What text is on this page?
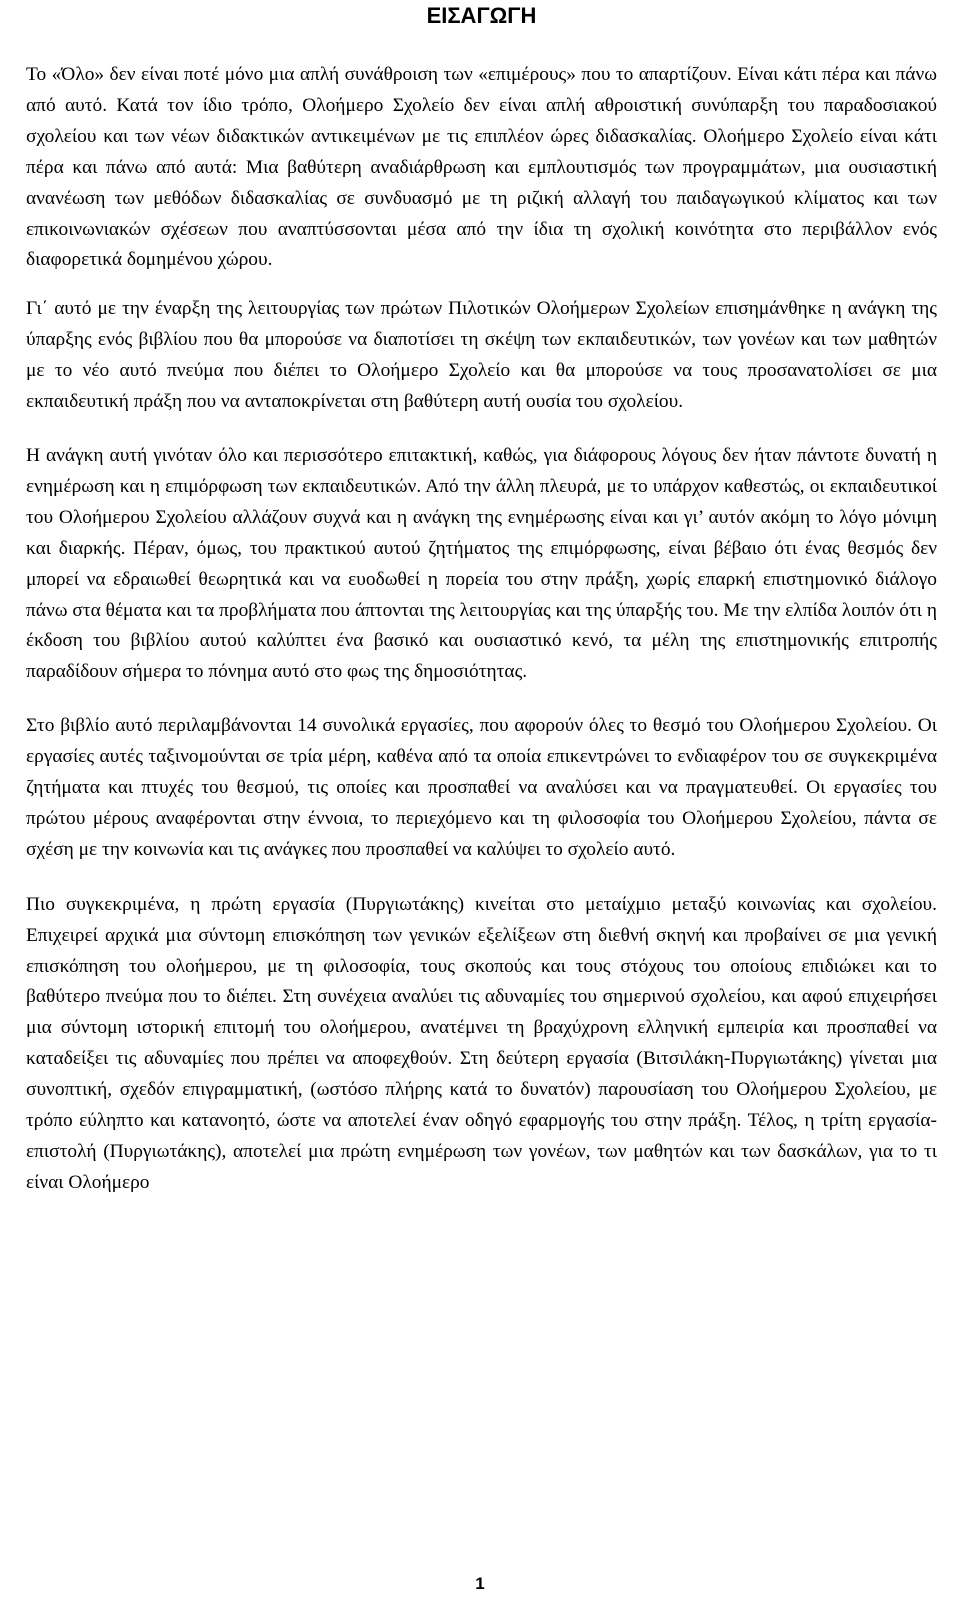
ΕΙΣΑΓΩΓΗ

Το «Όλο» δεν είναι ποτέ μόνο μια απλή συνάθροιση των «επιμέρους» που το απαρτίζουν. Είναι κάτι πέρα και πάνω από αυτό. Κατά τον ίδιο τρόπο, Ολοήμερο Σχολείο δεν είναι απλή αθροιστική συνύπαρξη του παραδοσιακού σχολείου και των νέων διδακτικών αντικειμένων με τις επιπλέον ώρες διδασκαλίας. Ολοήμερο Σχολείο είναι κάτι πέρα και πάνω από αυτά: Μια βαθύτερη αναδιάρθρωση και εμπλουτισμός των προγραμμάτων, μια ουσιαστική ανανέωση των μεθόδων διδασκαλίας σε συνδυασμό με τη ριζική αλλαγή του παιδαγωγικού κλίματος και των επικοινωνιακών σχέσεων που αναπτύσσονται μέσα από την ίδια τη σχολική κοινότητα στο περιβάλλον ενός διαφορετικά δομημένου χώρου.

Γι΄ αυτό με την έναρξη της λειτουργίας των πρώτων Πιλοτικών Ολοήμερων Σχολείων επισημάνθηκε η ανάγκη της ύπαρξης ενός βιβλίου που θα μπορούσε να διαποτίσει τη σκέψη των εκπαιδευτικών, των γονέων και των μαθητών με το νέο αυτό πνεύμα που διέπει το Ολοήμερο Σχολείο και θα μπορούσε να τους προσανατολίσει σε μια εκπαιδευτική πράξη που να ανταποκρίνεται στη βαθύτερη αυτή ουσία του σχολείου.

Η ανάγκη αυτή γινόταν όλο και περισσότερο επιτακτική, καθώς, για διάφορους λόγους δεν ήταν πάντοτε δυνατή η ενημέρωση και η επιμόρφωση των εκπαιδευτικών. Από την άλλη πλευρά, με το υπάρχον καθεστώς, οι εκπαιδευτικοί του Ολοήμερου Σχολείου αλλάζουν συχνά και η ανάγκη της ενημέρωσης είναι και γι’ αυτόν ακόμη το λόγο μόνιμη και διαρκής. Πέραν, όμως, του πρακτικού αυτού ζητήματος της επιμόρφωσης, είναι βέβαιο ότι ένας θεσμός δεν μπορεί να εδραιωθεί θεωρητικά και να ευοδωθεί η πορεία του στην πράξη, χωρίς επαρκή επιστημονικό διάλογο πάνω στα θέματα και τα προβλήματα που άπτονται της λειτουργίας και της ύπαρξής του. Με την ελπίδα λοιπόν ότι η έκδοση του βιβλίου αυτού καλύπτει ένα βασικό και ουσιαστικό κενό, τα μέλη της επιστημονικής επιτροπής παραδίδουν σήμερα το πόνημα αυτό στο φως της δημοσιότητας.

Στο βιβλίο αυτό περιλαμβάνονται 14 συνολικά εργασίες, που αφορούν όλες το θεσμό του Ολοήμερου Σχολείου. Οι εργασίες αυτές ταξινομούνται σε τρία μέρη, καθένα από τα οποία επικεντρώνει το ενδιαφέρον του σε συγκεκριμένα ζητήματα και πτυχές του θεσμού, τις οποίες και προσπαθεί να αναλύσει και να πραγματευθεί. Οι εργασίες του πρώτου μέρους αναφέρονται στην έννοια, το περιεχόμενο και τη φιλοσοφία του Ολοήμερου Σχολείου, πάντα σε σχέση με την κοινωνία και τις ανάγκες που προσπαθεί να καλύψει το σχολείο αυτό.

Πιο συγκεκριμένα, η πρώτη εργασία (Πυργιωτάκης) κινείται στο μεταίχμιο μεταξύ κοινωνίας και σχολείου. Επιχειρεί αρχικά μια σύντομη επισκόπηση των γενικών εξελίξεων στη διεθνή σκηνή και προβαίνει σε μια γενική επισκόπηση του ολοήμερου, με τη φιλοσοφία, τους σκοπούς και τους στόχους του οποίους επιδιώκει και το βαθύτερο πνεύμα που το διέπει. Στη συνέχεια αναλύει τις αδυναμίες του σημερινού σχολείου, και αφού επιχειρήσει μια σύντομη ιστορική επιτομή του ολοήμερου, ανατέμνει τη βραχύχρονη ελληνική εμπειρία και προσπαθεί να καταδείξει τις αδυναμίες που πρέπει να αποφεχθούν. Στη δεύτερη εργασία (Βιτσιλάκη-Πυργιωτάκης) γίνεται μια συνοπτική, σχεδόν επιγραμματική, (ωστόσο πλήρης κατά το δυνατόν) παρουσίαση του Ολοήμερου Σχολείου, με τρόπο εύληπτο και κατανοητό, ώστε να αποτελεί έναν οδηγό εφαρμογής του στην πράξη. Τέλος, η τρίτη εργασία-επιστολή (Πυργιωτάκης), αποτελεί μια πρώτη ενημέρωση των γονέων, των μαθητών και των δασκάλων, για το τι είναι Ολοήμερο

1
